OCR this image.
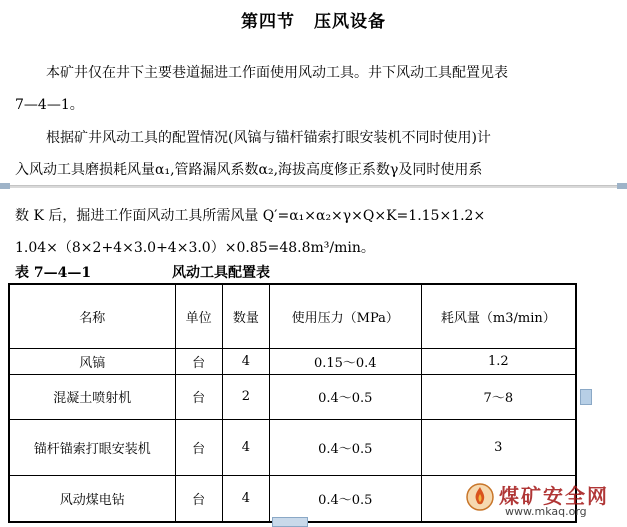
第四节 压风设备
本矿井仅在井下主要巷道掘进工作面使用风动工具。井下风动工具配置见表
7—4—1。
根据矿井风动工具的配置情况(风镐与锚杆锚索打眼安装机不同时使用)计
入风动工具磨损耗风量α₁,管路漏风系数α₂,海拔高度修正系数γ及同时使用系
数 K 后，掘进工作面风动工具所需风量 Q′=α₁×α₂×γ×Q×K=1.15×1.2×
1.04×（8×2+4×3.0+4×3.0）×0.85=48.8m³/min。
表 7—4—1	风动工具配置表
名称	单位	数量	使用压力（MPa）	耗风量（m3/min）
风镐	台	4	0.15～0.4	1.2
混凝土喷射机	台	2	0.4～0.5	7～8
锚杆锚索打眼安装机	台	4	0.4～0.5	3
风动煤电钻	台	4	0.4～0.5		煤矿安全网
www.mkaq.org
